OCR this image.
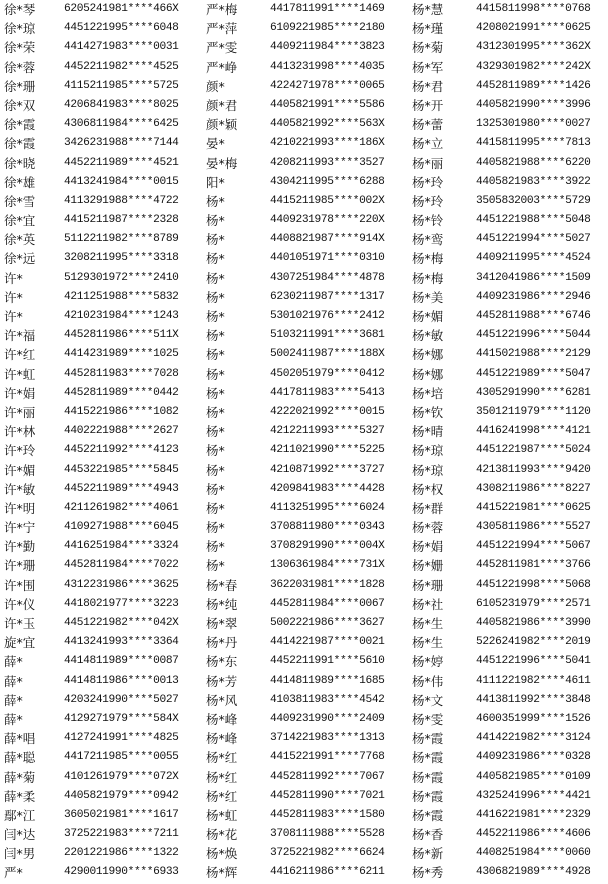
徐*琴	6205241981****466X
徐*琼	4451221995****6048
徐*荣	4414271983****0031
徐*蓉	4452211982****4525
徐*珊	4115211985****5725
徐*双	4206841983****8025
徐*霞	4306811984****6425
徐*霞	3426231988****7144
徐*晓	4452211989****4521
徐*雄	4413241984****0015
徐*雪	4113291988****4722
徐*宜	4415211987****2328
徐*英	5112211982****8789
徐*远	3208211995****3318
许*	5129301972****2410
许*	4211251988****5832
许*	4210231984****1243
许*福	4452811986****511X
许*红	4414231989****1025
许*虹	4452811983****7028
许*娟	4452811989****0442
许*丽	4415221986****1082
许*林	4402221988****2627
许*玲	4452211992****4123
许*媚	4453221985****5845
许*敏	4452211989****4943
许*明	4211261982****4061
许*宁	4109271988****6045
许*勤	4416251984****3324
许*珊	4452811984****7022
许*围	4312231986****3625
许*仪	4418021977****3223
许*玉	4451221982****042X
旋*宜	4413241993****3364
薛*	4414811989****0087
薛*	4414811986****0013
薛*	4203241990****5027
薛*	4129271979****584X
薛*唱	4127241991****4825
薛*聪	4417211985****0055
薛*菊	4101261979****072X
薛*柔	4405821979****0942
鄢*江	3605021981****1617
闫*达	3725221983****7211
闫*男	2201221986****1322
严*	4290011990****6933
严*梅	4417811991****1469
严*萍	6109221985****2180
严*雯	4409211984****3823
严*峥	4413231998****4035
颜*	4224271978****0065
颜*君	4405821991****5586
颜*颖	4405821992****563X
晏*	4210221993****186X
晏*梅	4208211993****3527
阳*	4304211995****6288
杨*	4415211985****002X
杨*	4409231978****220X
杨*	4408821987****914X
杨*	4401051971****0310
杨*	4307251984****4878
杨*	6230211987****1317
杨*	5301021976****2412
杨*	5103211991****3681
杨*	5002411987****188X
杨*	4502051979****0412
杨*	4417811983****5413
杨*	4222021992****0015
杨*	4212211993****5327
杨*	4211021990****5225
杨*	4210871992****3727
杨*	4209841983****4428
杨*	4113251995****6024
杨*	3708811980****0343
杨*	3708291990****004X
杨*	1306361984****731X
杨*春	3622031981****1828
杨*纯	4452811984****0067
杨*翠	5002221986****3627
杨*丹	4414221987****0021
杨*东	4452211991****5610
杨*芳	4414811989****1685
杨*风	4103811983****4542
杨*峰	4409231990****2409
杨*峰	3714221983****1313
杨*红	4415221991****7768
杨*红	4452811992****7067
杨*红	4452811990****7021
杨*虹	4452811983****1580
杨*花	3708111988****5528
杨*焕	3725221982****6624
杨*辉	4416211986****6211
杨*慧	4415811998****0768
杨*瑾	4208021991****0625
杨*菊	4312301995****362X
杨*军	4329301982****242X
杨*君	4452811989****1426
杨*开	4405821990****3996
杨*蕾	1325301980****0027
杨*立	4415811995****7813
杨*丽	4405821988****6220
杨*玲	4405821983****3922
杨*玲	3505832003****5729
杨*铃	4451221988****5048
杨*鸾	4451221994****5027
杨*梅	4409211995****4524
杨*梅	3412041986****1509
杨*美	4409231986****2946
杨*媚	4452811988****6746
杨*敏	4451221996****5044
杨*娜	4415021988****2129
杨*娜	4451221989****5047
杨*培	4305291990****6281
杨*钦	3501211979****1120
杨*晴	4416241998****4121
杨*琼	4451221987****5024
杨*琼	4213811993****9420
杨*权	4308211986****8227
杨*群	4415221981****0625
杨*蓉	4305811986****5527
杨*娟	4451221994****5067
杨*姗	4452811981****3766
杨*珊	4451221998****5068
杨*社	6105231979****2571
杨*生	4405821986****3990
杨*生	5226241982****2019
杨*婷	4451221996****5041
杨*伟	4111221982****4611
杨*文	4413811992****3848
杨*雯	4600351999****1526
杨*霞	4414221982****3124
杨*霞	4409231986****0328
杨*霞	4405821985****0109
杨*霞	4325241996****4421
杨*霞	4416221981****2329
杨*香	4452211986****4606
杨*新	4408251984****0060
杨*秀	4306821989****4928
